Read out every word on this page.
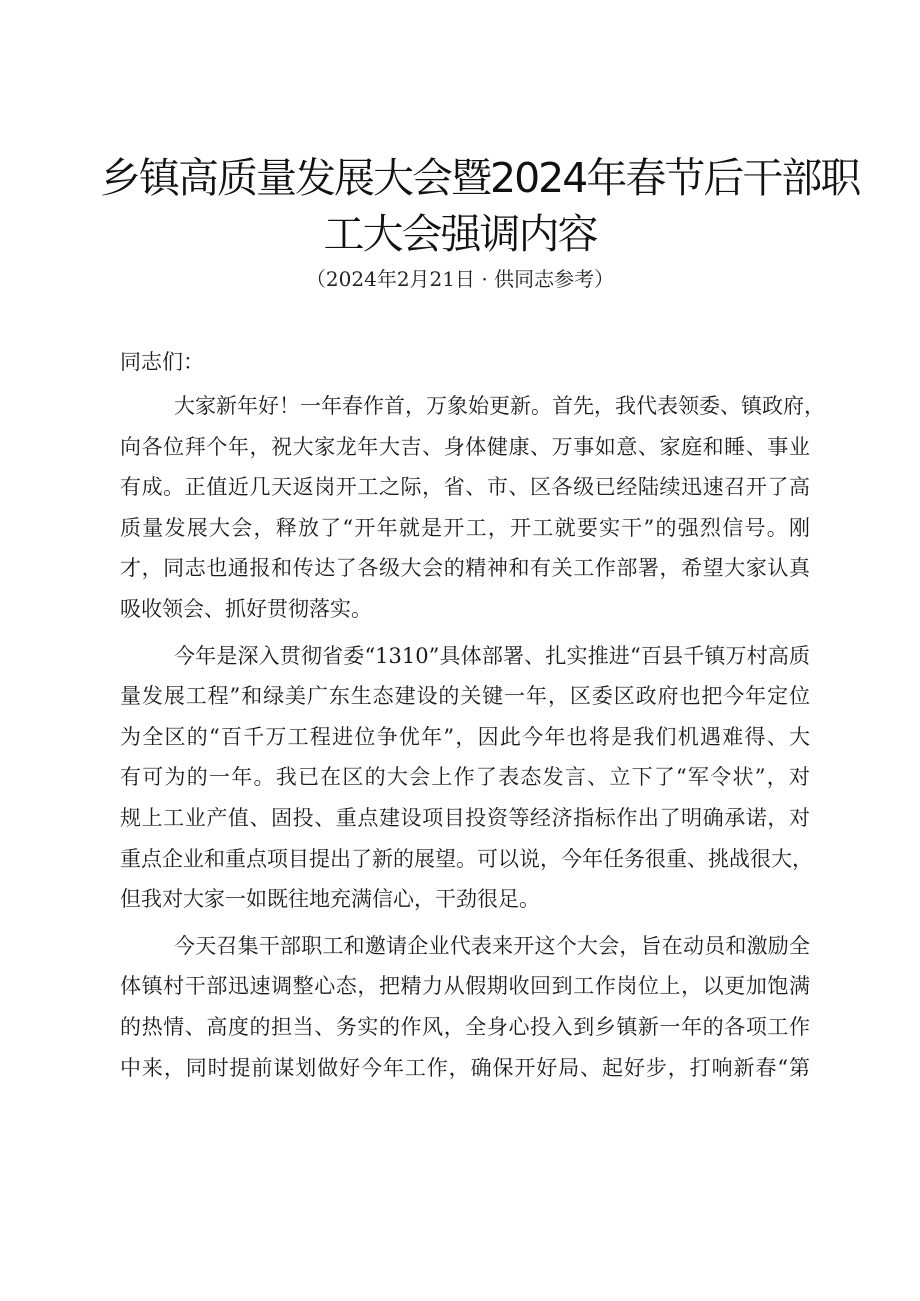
乡镇高质量发展大会暨2024年春节后干部职
工大会强调内容

（2024年2月21日 · 供同志参考）

同志们：

大家新年好！一年春作首，万象始更新。首先，我代表领委、镇政府，
向各位拜个年，祝大家龙年大吉、身体健康、万事如意、家庭和睡、事业
有成。正值近几天返岗开工之际，省、市、区各级已经陆续迅速召开了高
质量发展大会，释放了“开年就是开工，开工就要实干”的强烈信号。刚
才，同志也通报和传达了各级大会的精神和有关工作部署，希望大家认真
吸收领会、抓好贯彻落实。

今年是深入贯彻省委“1310”具体部署、扎实推进“百县千镇万村高质
量发展工程”和绿美广东生态建设的关键一年，区委区政府也把今年定位
为全区的“百千万工程进位争优年”，因此今年也将是我们机遇难得、大
有可为的一年。我已在区的大会上作了表态发言、立下了“军令状”，对
规上工业产值、固投、重点建设项目投资等经济指标作出了明确承诺，对
重点企业和重点项目提出了新的展望。可以说，今年任务很重、挑战很大，
但我对大家一如既往地充满信心，干劲很足。

今天召集干部职工和邀请企业代表来开这个大会，旨在动员和激励全
体镇村干部迅速调整心态，把精力从假期收回到工作岗位上，以更加饱满
的热情、高度的担当、务实的作风，全身心投入到乡镇新一年的各项工作
中来，同时提前谋划做好今年工作，确保开好局、起好步，打响新春“第
